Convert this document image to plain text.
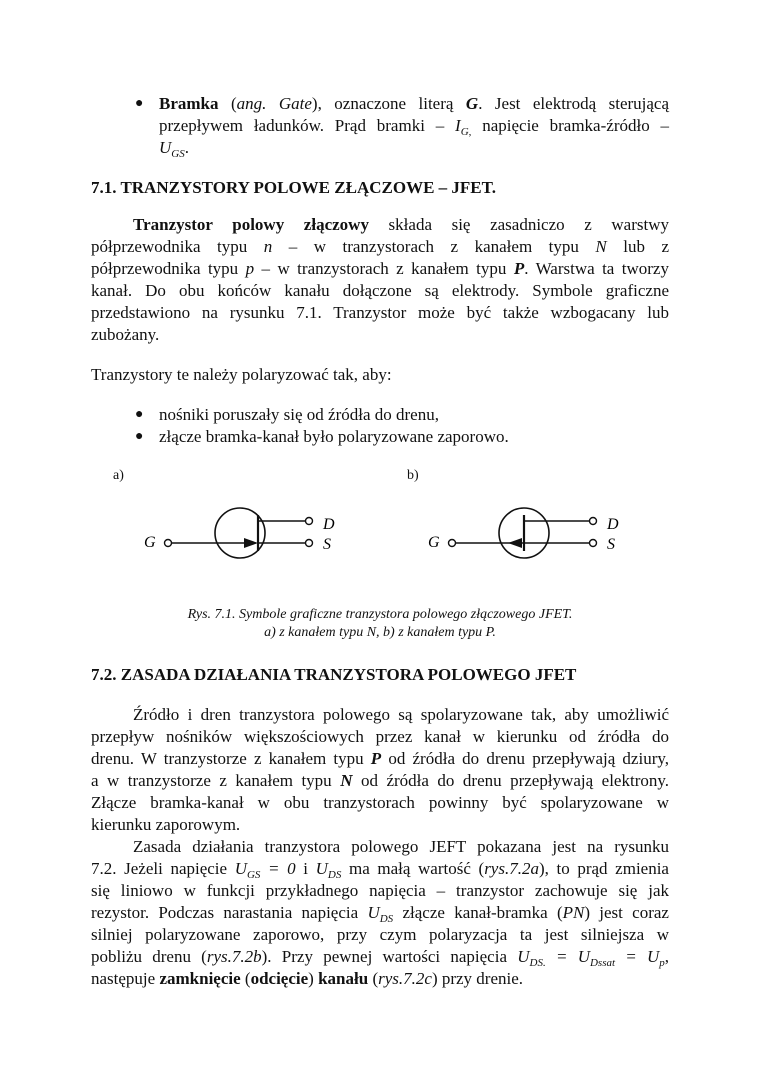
● Bramka (ang. Gate), oznaczone literą G. Jest elektrodą sterującą
przepływem ładunków. Prąd bramki – $I_{G,}$ napięcie bramka-źródło –
$U_{GS}$.
7.1. TRANZYSTORY POLOWE ZŁĄCZOWE – JFET.
Tranzystor polowy złączowy składa się zasadniczo z warstwy
półprzewodnika typu n – w tranzystorach z kanałem typu N lub z
półprzewodnika typu p – w tranzystorach z kanałem typu P. Warstwa ta tworzy
kanał. Do obu końców kanału dołączone są elektrody. Symbole graficzne
przedstawiono na rysunku 7.1. Tranzystor może być także wzbogacany lub
zubożany.
Tranzystory te należy polaryzować tak, aby:
● nośniki poruszały się od źródła do drenu,
● złącze bramka-kanał było polaryzowane zaporowo.
a)	b)
G
D
S	G
D
S
Rys. 7.1. Symbole graficzne tranzystora polowego złączowego JFET.
a) z kanałem typu N, b) z kanałem typu P.
7.2. ZASADA DZIAŁANIA TRANZYSTORA POLOWEGO JFET
Źródło i dren tranzystora polowego są spolaryzowane tak, aby umożliwić
przepływ nośników większościowych przez kanał w kierunku od źródła do
drenu. W tranzystorze z kanałem typu P od źródła do drenu przepływają dziury,
a w tranzystorze z kanałem typu N od źródła do drenu przepływają elektrony.
Złącze bramka-kanał w obu tranzystorach powinny być spolaryzowane w
kierunku zaporowym.
Zasada działania tranzystora polowego JEFT pokazana jest na rysunku
7.2. Jeżeli napięcie $U_{GS} = 0$ i $U_{DS}$ ma małą wartość (rys.7.2a), to prąd zmienia
się liniowo w funkcji przykładnego napięcia – tranzystor zachowuje się jak
rezystor. Podczas narastania napięcia $U_{DS}$ złącze kanał-bramka (PN) jest coraz
silniej polaryzowane zaporowo, przy czym polaryzacja ta jest silniejsza w
pobliżu drenu (rys.7.2b). Przy pewnej wartości napięcia $U_{DS.} = U_{Dssat} = U_p$,
następuje zamknięcie (odcięcie) kanału (rys.7.2c) przy drenie.
